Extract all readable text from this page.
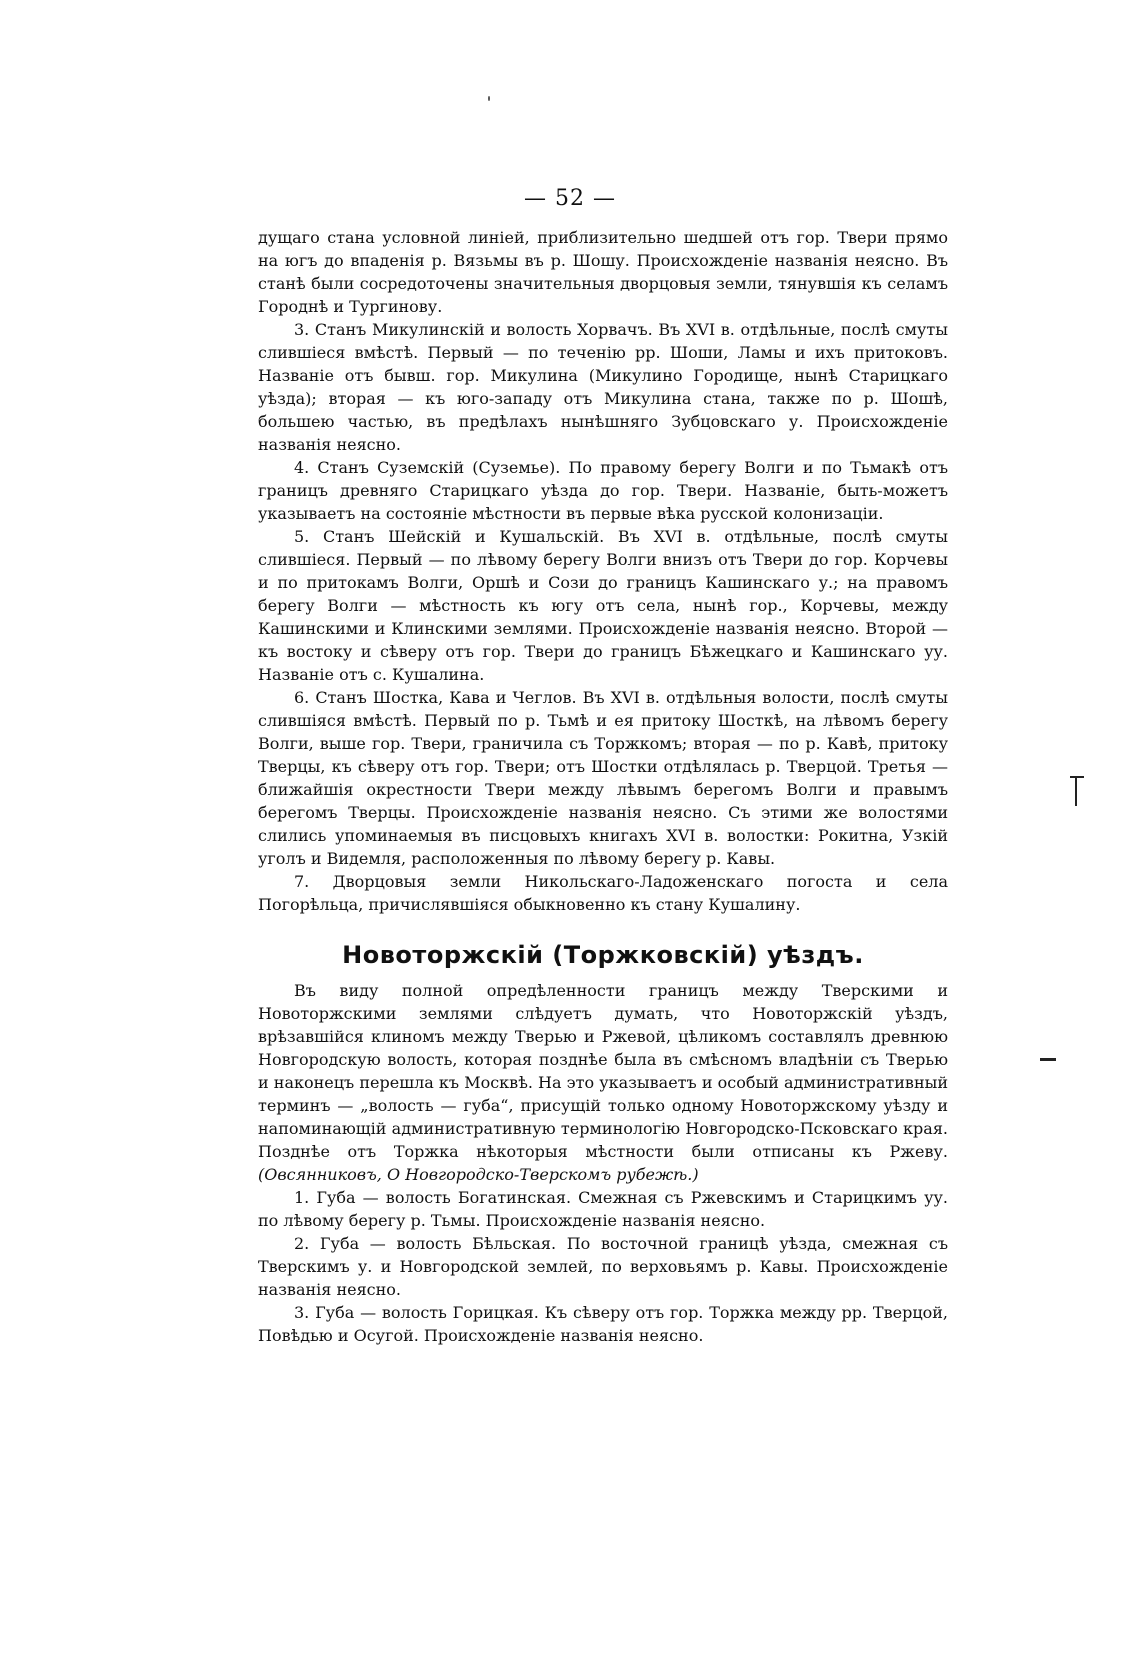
— 52 —

дущаго стана условной линіей, приблизительно шедшей отъ гор. Твери прямо на югъ до впаденія р. Вязьмы въ р. Шошу. Происхожденіе названія неясно. Въ станѣ были сосредоточены значительныя дворцовыя земли, тянувшія къ селамъ Городнѣ и Тургинову.

3. Станъ Микулинскій и волость Хорвачъ. Въ XVI в. отдѣльные, послѣ смуты слившіеся вмѣстѣ. Первый — по теченію рр. Шоши, Ламы и ихъ притоковъ. Названіе отъ бывш. гор. Микулина (Микулино Городище, нынѣ Старицкаго уѣзда); вторая — къ юго-западу отъ Микулина стана, также по р. Шошѣ, большею частью, въ предѣлахъ нынѣшняго Зубцовскаго у. Происхожденіе названія неясно.

4. Станъ Суземскій (Суземье). По правому берегу Волги и по Тьмакѣ отъ границъ древняго Старицкаго уѣзда до гор. Твери. Названіе, быть-можетъ указываетъ на состояніе мѣстности въ первые вѣка русской колонизаціи.

5. Станъ Шейскій и Кушальскій. Въ XVI в. отдѣльные, послѣ смуты слившіеся. Первый — по лѣвому берегу Волги внизъ отъ Твери до гор. Корчевы и по притокамъ Волги, Оршѣ и Сози до границъ Кашинскаго у.; на правомъ берегу Волги — мѣстность къ югу отъ села, нынѣ гор., Корчевы, между Кашинскими и Клинскими землями. Происхожденіе названія неясно. Второй — къ востоку и сѣверу отъ гор. Твери до границъ Бѣжецкаго и Кашинскаго уу. Названіе отъ с. Кушалина.

6. Станъ Шостка, Кава и Чеглов. Въ XVI в. отдѣльныя волости, послѣ смуты слившіяся вмѣстѣ. Первый по р. Тьмѣ и ея притоку Шосткѣ, на лѣвомъ берегу Волги, выше гор. Твери, граничила съ Торжкомъ; вторая — по р. Кавѣ, притоку Тверцы, къ сѣверу отъ гор. Твери; отъ Шостки отдѣлялась р. Тверцой. Третья — ближайшія окрестности Твери между лѣвымъ берегомъ Волги и правымъ берегомъ Тверцы. Происхожденіе названія неясно. Съ этими же волостями слились упоминаемыя въ писцовыхъ книгахъ XVI в. волостки: Рокитна, Узкій уголъ и Видемля, расположенныя по лѣвому берегу р. Кавы.

7. Дворцовыя земли Никольскаго-Ладоженскаго погоста и села Погорѣльца, причислявшіяся обыкновенно къ стану Кушалину.

Новоторжскій (Торжковскій) уѣздъ.

Въ виду полной опредѣленности границъ между Тверскими и Новоторжскими землями слѣдуетъ думать, что Новоторжскій уѣздъ, врѣзавшійся клиномъ между Тверью и Ржевой, цѣликомъ составлялъ древнюю Новгородскую волость, которая позднѣе была въ смѣсномъ владѣніи съ Тверью и наконецъ перешла къ Москвѣ. На это указываетъ и особый административный терминъ — „волость — губа“, присущій только одному Новоторжскому уѣзду и напоминающій административную терминологію Новгородско-Псковскаго края. Позднѣе отъ Торжка нѣкоторыя мѣстности были отписаны къ Ржеву. (Овсянниковъ, О Новгородско-Тверскомъ рубежѣ.)

1. Губа — волость Богатинская. Смежная съ Ржевскимъ и Старицкимъ уу. по лѣвому берегу р. Тьмы. Происхожденіе названія неясно.

2. Губа — волость Бѣльская. По восточной границѣ уѣзда, смежная съ Тверскимъ у. и Новгородской землей, по верховьямъ р. Кавы. Происхожденіе названія неясно.

3. Губа — волость Горицкая. Къ сѣверу отъ гор. Торжка между рр. Тверцой, Повѣдью и Осугой. Происхожденіе названія неясно.
